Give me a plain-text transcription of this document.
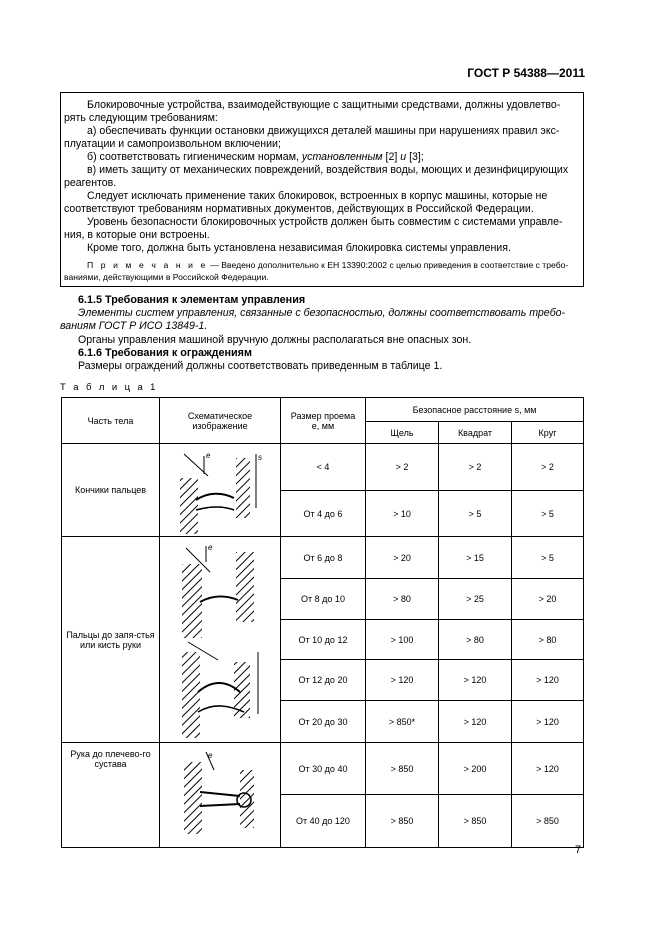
ГОСТ Р 54388—2011
Блокировочные устройства, взаимодействующие с защитными средствами, должны удовлетво-
рять следующим требованиям:
а) обеспечивать функции остановки движущихся деталей машины при нарушениях правил экс-
плуатации и самопроизвольном включении;
б) соответствовать гигиеническим нормам, установленным [2] и [3];
в) иметь защиту от механических повреждений, воздействия воды, моющих и дезинфицирующих
реагентов.
Следует исключать применение таких блокировок, встроенных в корпус машины, которые не
соответствуют требованиям нормативных документов, действующих в Российской Федерации.
Уровень безопасности блокировочных устройств должен быть совместим с системами управле-
ния, в которые они встроены.
Кроме того, должна быть установлена независимая блокировка системы управления.
П р и м е ч а н и е — Введено дополнительно к ЕН 13390:2002 с целью приведения в соответствие с требо-
ваниями, действующими в Российской Федерации.
6.1.5 Требования к элементам управления
Элементы систем управления, связанные с безопасностью, должны соответствовать требо-
ваниям ГОСТ Р ИСО 13849-1.
Органы управления машиной вручную должны располагаться вне опасных зон.
6.1.6 Требования к ограждениям
Размеры ограждений должны соответствовать приведенным в таблице 1.
Т а б л и ц а 1
Часть тела	Схематическое изображение	Размер проема е, мм	Безопасное расстояние s, мм		
			Щель	Квадрат	Круг
Кончики пальцев		< 4	> 2	> 2	> 2
		От 4 до 6	> 10	> 5	> 5
Пальцы до запя-стья или кисть руки		От 6 до 8	> 20	> 15	> 5
		От 8 до 10	> 80	> 25	> 20
		От 10 до 12	> 100	> 80	> 80
		От 12 до 20	> 120	> 120	> 120
		От 20 до 30	> 850*	> 120	> 120
Рука до плечево-го сустава		От 30 до 40	> 850	> 200	> 120
		От 40 до 120	> 850	> 850	> 850
e	s
e
e
7
